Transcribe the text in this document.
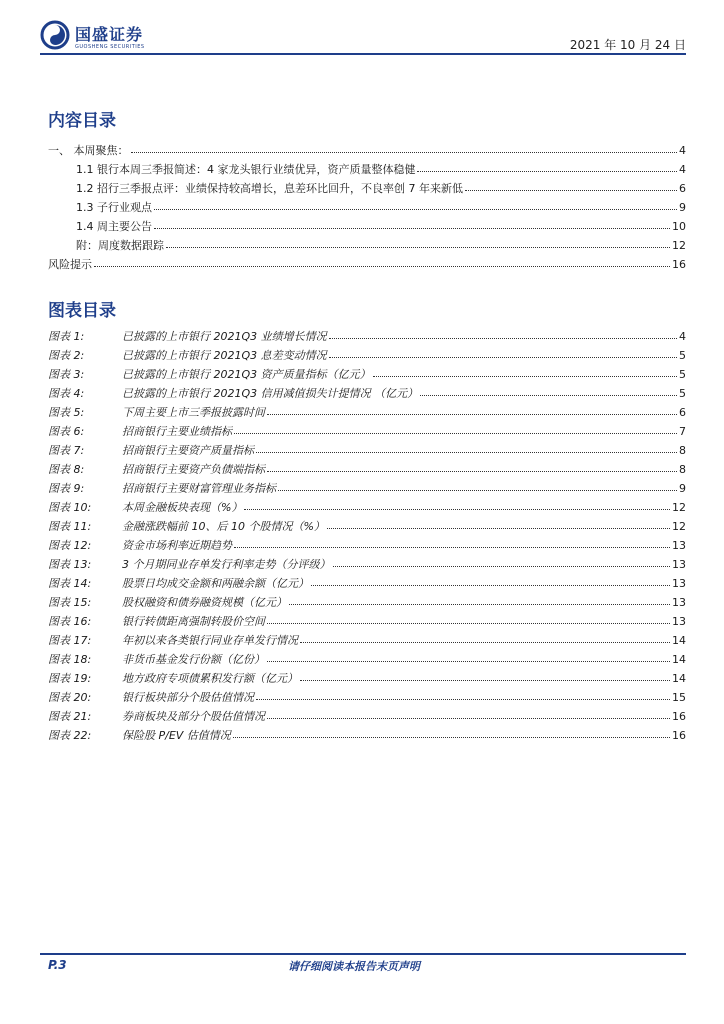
国盛证券
GUOSHENG SECURITIES	2021 年 10 月 24 日
内容目录
一、 本周聚焦：	4
1.1 银行本周三季报简述：4 家龙头银行业绩优异，资产质量整体稳健	4
1.2 招行三季报点评：业绩保持较高增长，息差环比回升，不良率创 7 年来新低	6
1.3 子行业观点	9
1.4 周主要公告	10
附：周度数据跟踪	12
风险提示	16
图表目录
图表 1:	已披露的上市银行 2021Q3 业绩增长情况	4
图表 2:	已披露的上市银行 2021Q3 息差变动情况	5
图表 3:	已披露的上市银行 2021Q3 资产质量指标（亿元）	5
图表 4:	已披露的上市银行 2021Q3 信用减值损失计提情况 （亿元）	5
图表 5:	下周主要上市三季报披露时间	6
图表 6:	招商银行主要业绩指标	7
图表 7:	招商银行主要资产质量指标	8
图表 8:	招商银行主要资产负债端指标	8
图表 9:	招商银行主要财富管理业务指标	9
图表 10:	本周金融板块表现（%）	12
图表 11:	金融涨跌幅前 10、后 10 个股情况（%）	12
图表 12:	资金市场利率近期趋势	13
图表 13:	3 个月期同业存单发行利率走势（分评级）	13
图表 14:	股票日均成交金额和两融余额（亿元）	13
图表 15:	股权融资和债券融资规模（亿元）	13
图表 16:	银行转债距离强制转股价空间	13
图表 17:	年初以来各类银行同业存单发行情况	14
图表 18:	非货币基金发行份额（亿份）	14
图表 19:	地方政府专项债累积发行额（亿元）	14
图表 20:	银行板块部分个股估值情况	15
图表 21:	券商板块及部分个股估值情况	16
图表 22:	保险股 P/EV 估值情况	16
P.3	请仔细阅读本报告末页声明
